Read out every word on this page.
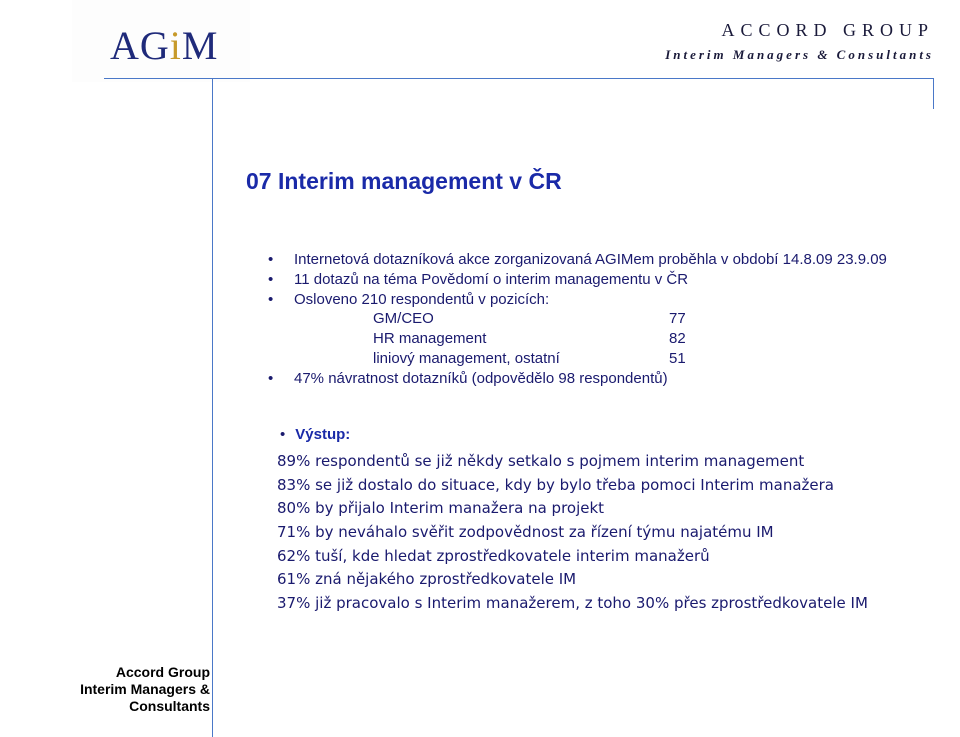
AGiM	ACCORD GROUP
Interim Managers & Consultants
07 Interim management v ČR
• Internetová dotazníková akce zorganizovaná AGIMem proběhla v období 14.8.09 23.9.09
• 11 dotazů na téma Povědomí o interim managementu v ČR
• Osloveno 210 respondentů v pozicích:
GM/CEO	77
HR management	82
liniový management, ostatní	51
• 47% návratnost dotazníků (odpovědělo 98 respondentů)
• Výstup:
89% respondentů se již někdy setkalo s pojmem interim management
83% se již dostalo do situace, kdy by bylo třeba pomoci Interim manažera
80% by přijalo Interim manažera na projekt
71% by neváhalo svěřit zodpovědnost za řízení týmu najatému IM
62% tuší, kde hledat zprostředkovatele interim manažerů
61% zná nějakého zprostředkovatele IM
37% již pracovalo s Interim manažerem, z toho 30% přes zprostředkovatele IM
Accord Group
Interim Managers & Consultants
